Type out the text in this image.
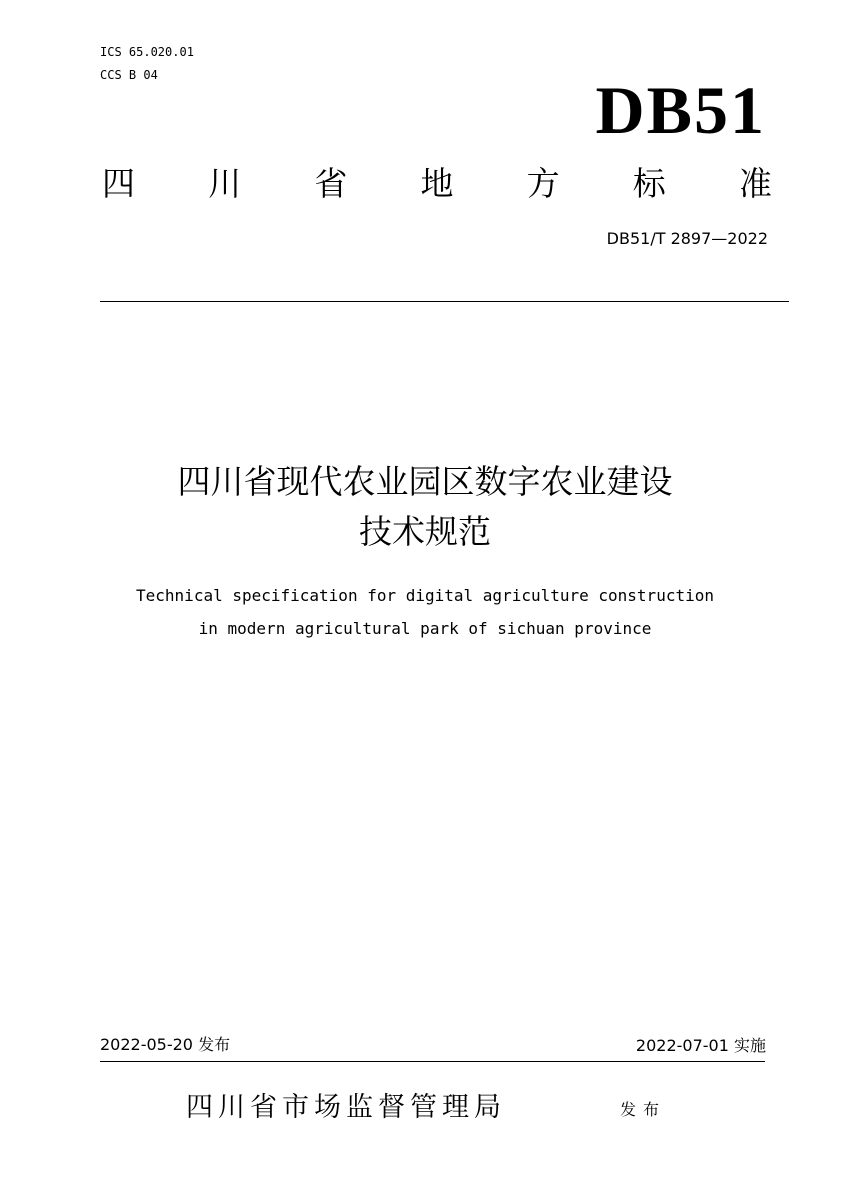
ICS 65.020.01
CCS B 04	DB51
四 川 省 地 方 标 准
DB51/T 2897—2022
四川省现代农业园区数字农业建设
技术规范
Technical specification for digital agriculture construction
in modern agricultural park of sichuan province
2022-05-20 发布	2022-07-01 实施
四川省市场监督管理局	发布
